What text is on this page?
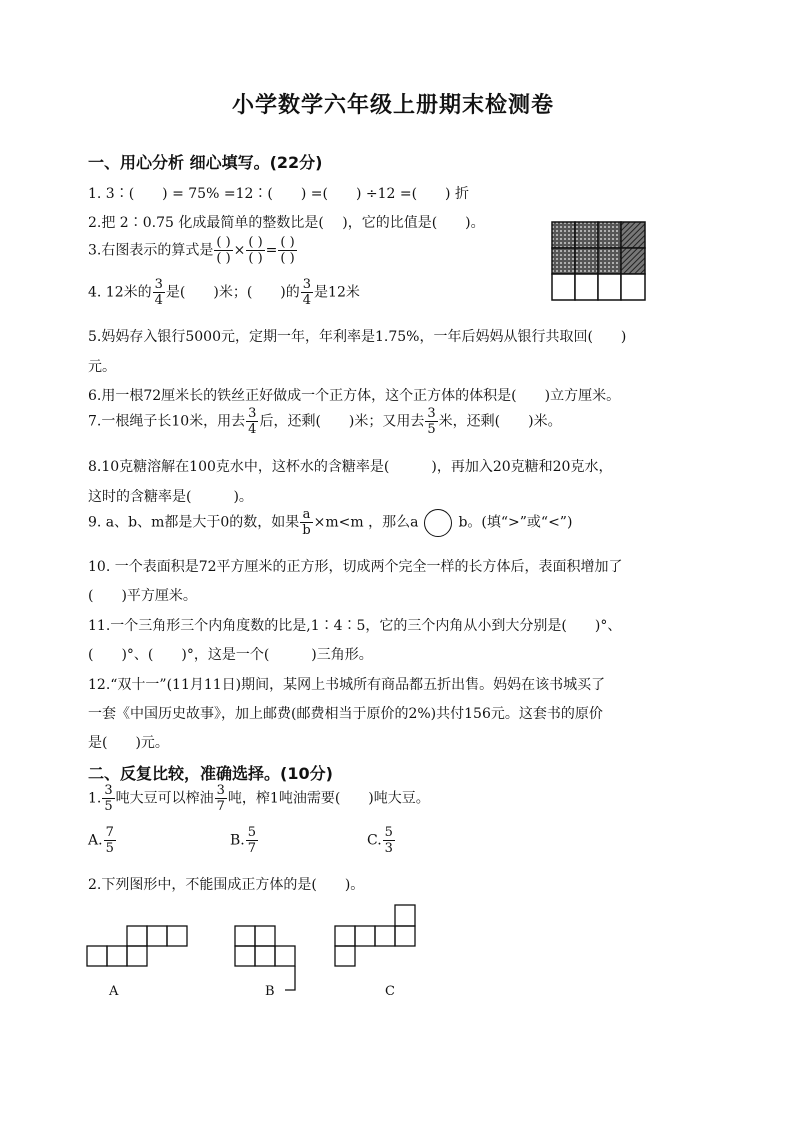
小学数学六年级上册期末检测卷
一、用心分析 细心填写。(22分)
1. 3∶(　　) = 75% =12∶(　　) =(　　) ÷12 =(　　) 折
2.把 2∶0.75 化成最简单的整数比是(　 )，它的比值是(　　)。
3.右图表示的算式是 $\frac{( )}{( )} \times \frac{( )}{( )} = \frac{( )}{( )}$
4. 12米的 $\frac{3}{4}$ 是(　　)米；(　　)的 $\frac{3}{4}$ 是12米
5.妈妈存入银行5000元，定期一年，年利率是1.75%，一年后妈妈从银行共取回(　　)
元。
6.用一根72厘米长的铁丝正好做成一个正方体，这个正方体的体积是(　　)立方厘米。
7.一根绳子长10米，用去 $\frac{3}{4}$ 后，还剩(　　)米；又用去 $\frac{3}{5}$ 米，还剩(　　)米。
8.10克糖溶解在100克水中，这杯水的含糖率是(　　　)，再加入20克糖和20克水，
这时的含糖率是(　　　)。
9. a、b、m都是大于0的数，如果 $\frac{a}{b} \times m<m$ ，那么a	b。(填“>”或“<”)
10. 一个表面积是72平方厘米的正方形，切成两个完全一样的长方体后，表面积增加了
(　　)平方厘米。
11.一个三角形三个内角度数的比是,1∶4∶5，它的三个内角从小到大分别是(　　)°、
(　　)°、(　　)°，这是一个(　　　)三角形。
12.“双十一”(11月11日)期间，某网上书城所有商品都五折出售。妈妈在该书城买了
一套《中国历史故事》，加上邮费(邮费相当于原价的2%)共付156元。这套书的原价
是(　　)元。
二、反复比较，准确选择。(10分)
1. $\frac{3}{5}$ 吨大豆可以榨油 $\frac{3}{7}$ 吨，榨1吨油需要(　　)吨大豆。
A. $\frac{7}{5}$	B. $\frac{5}{7}$	C. $\frac{5}{3}$
2.下列图形中，不能围成正方体的是(　　)。
A	B	C
